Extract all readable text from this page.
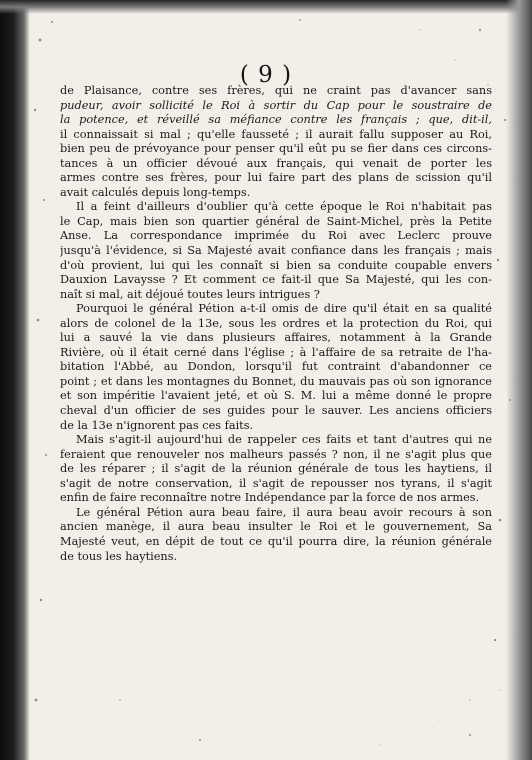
( 9 )
de Plaisance, contre ses frères, qui ne craint pas d'avancer sans
pudeur, avoir sollicité le Roi à sortir du Cap pour le soustraire de
la potence, et réveillé sa méfiance contre les français ; que, dit-il,
il connaissait si mal ; qu'elle fausseté ; il aurait fallu supposer au Roi,
bien peu de prévoyance pour penser qu'il eût pu se fier dans ces circons-
tances à un officier dévoué aux français, qui venait de porter les
armes contre ses frères, pour lui faire part des plans de scission qu'il
avait calculés depuis long-temps.
Il a feint d'ailleurs d'oublier qu'à cette époque le Roi n'habitait pas
le Cap, mais bien son quartier général de Saint-Michel, près la Petite
Anse. La correspondance imprimée du Roi avec Leclerc prouve
jusqu'à l'évidence, si Sa Majesté avait confiance dans les français ; mais
d'où provient, lui qui les connaît si bien sa conduite coupable envers
Dauxion Lavaysse ? Et comment ce fait-il que Sa Majesté, qui les con-
naît si mal, ait déjoué toutes leurs intrigues ?
Pourquoi le général Pétion a-t-il omis de dire qu'il était en sa qualité
alors de colonel de la 13e, sous les ordres et la protection du Roi, qui
lui a sauvé la vie dans plusieurs affaires, notamment à la Grande
Rivière, où il était cerné dans l'église ; à l'affaire de sa retraite de l'ha-
bitation l'Abbé, au Dondon, lorsqu'il fut contraint d'abandonner ce
point ; et dans les montagnes du Bonnet, du mauvais pas où son ignorance
et son impéritie l'avaient jeté, et où S. M. lui a même donné le propre
cheval d'un officier de ses guides pour le sauver. Les anciens officiers
de la 13e n'ignorent pas ces faits.
Mais s'agit-il aujourd'hui de rappeler ces faits et tant d'autres qui ne
feraient que renouveler nos malheurs passés ? non, il ne s'agit plus que
de les réparer ; il s'agit de la réunion générale de tous les haytiens, il
s'agit de notre conservation, il s'agit de repousser nos tyrans, il s'agit
enfin de faire reconnaître notre Indépendance par la force de nos armes.
Le général Pétion aura beau faire, il aura beau avoir recours à son
ancien manège, il aura beau insulter le Roi et le gouvernement, Sa
Majesté veut, en dépit de tout ce qu'il pourra dire, la réunion générale
de tous les haytiens.
